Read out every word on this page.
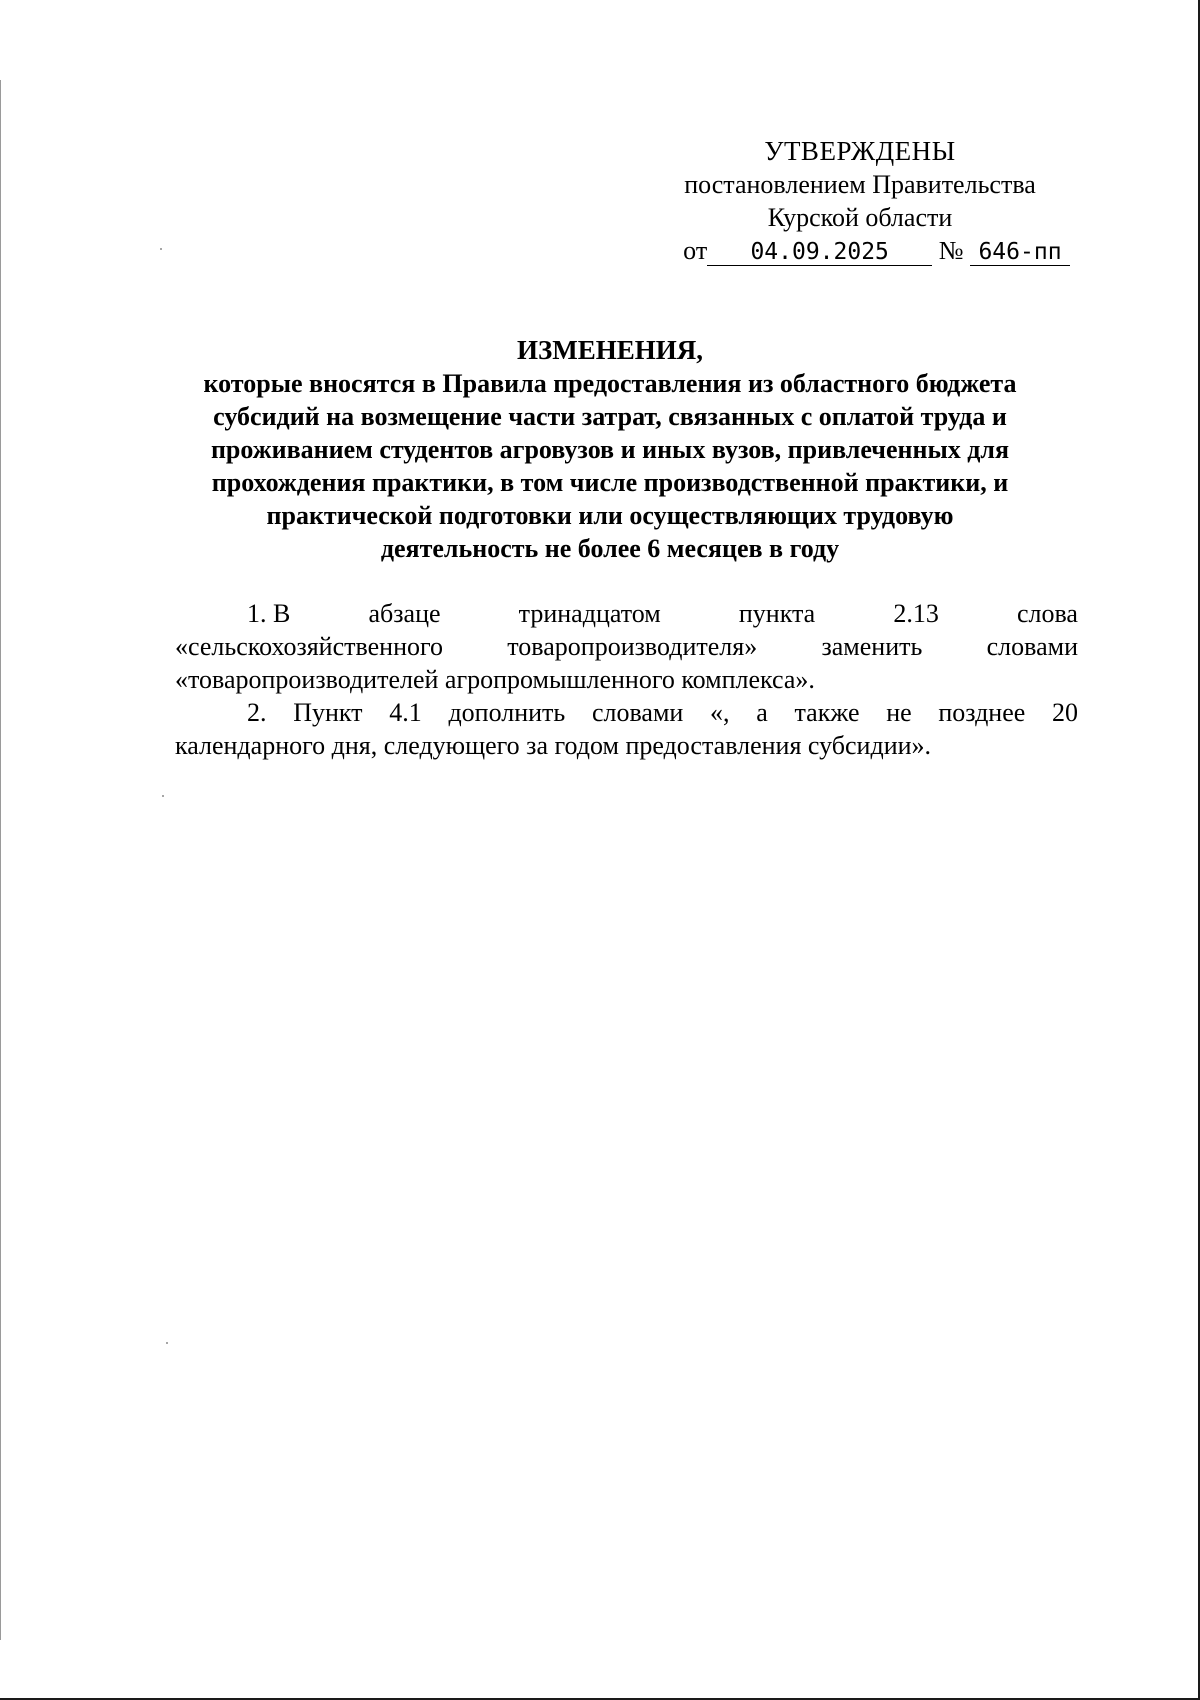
УТВЕРЖДЕНЫ
постановлением Правительства
Курской области
от 04.09.2025 № 646-пп
ИЗМЕНЕНИЯ,
которые вносятся в Правила предоставления из областного бюджета
субсидий на возмещение части затрат, связанных с оплатой труда и
проживанием студентов агровузов и иных вузов, привлеченных для
прохождения практики, в том числе производственной практики, и
практической подготовки или осуществляющих трудовую
деятельность не более 6 месяцев в году
1. В	абзаце	тринадцатом	пункта	2.13	слова
«сельскохозяйственного товаропроизводителя» заменить словами
«товаропроизводителей агропромышленного комплекса».
2. Пункт 4.1 дополнить словами «, а также не позднее 20
календарного дня, следующего за годом предоставления субсидии».
